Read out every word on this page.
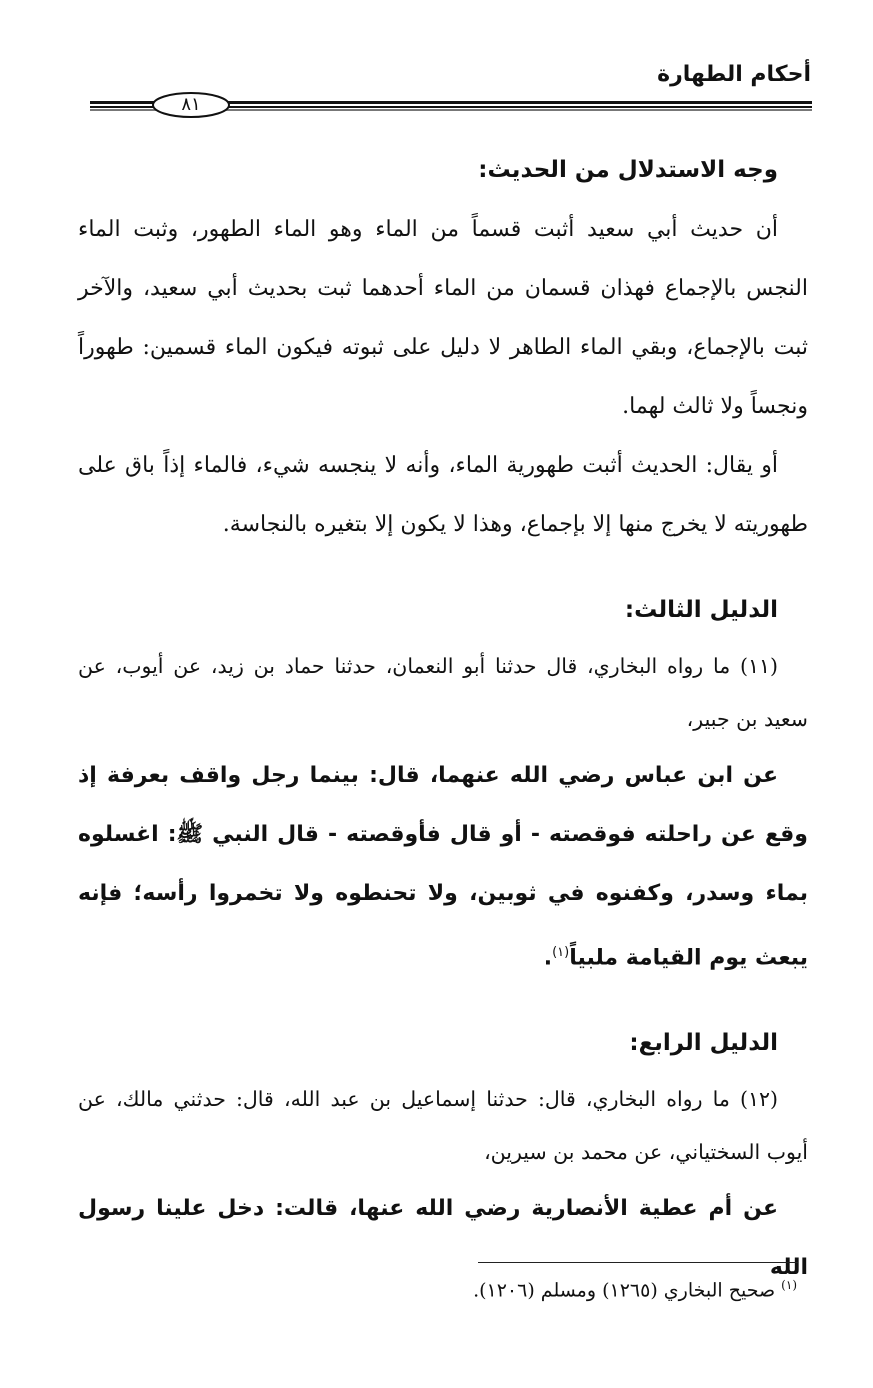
أحكام الطهارة
٨١

وجه الاستدلال من الحديث:

أن حديث أبي سعيد أثبت قسماً من الماء وهو الماء الطهور، وثبت الماء النجس بالإجماع فهذان قسمان من الماء أحدهما ثبت بحديث أبي سعيد، والآخر ثبت بالإجماع، وبقي الماء الطاهر لا دليل على ثبوته فيكون الماء قسمين: طهوراً ونجساً ولا ثالث لهما.

أو يقال: الحديث أثبت طهورية الماء، وأنه لا ينجسه شيء، فالماء إذاً باق على طهوريته لا يخرج منها إلا بإجماع، وهذا لا يكون إلا بتغيره بالنجاسة.

الدليل الثالث:

(١١) ما رواه البخاري، قال حدثنا أبو النعمان، حدثنا حماد بن زيد، عن أيوب، عن سعيد بن جبير،

عن ابن عباس رضي الله عنهما، قال: بينما رجل واقف بعرفة إذ وقع عن راحلته فوقصته - أو قال فأوقصته - قال النبي ﷺ: اغسلوه بماء وسدر، وكفنوه في ثوبين، ولا تحنطوه ولا تخمروا رأسه؛ فإنه يبعث يوم القيامة ملبياً$^{(١)}$.

الدليل الرابع:

(١٢) ما رواه البخاري، قال: حدثنا إسماعيل بن عبد الله، قال: حدثني مالك، عن أيوب السختياني، عن محمد بن سيرين،

عن أم عطية الأنصارية رضي الله عنها، قالت: دخل علينا رسول الله

$^{(١)}$ صحيح البخاري (١٢٦٥) ومسلم (١٢٠٦).
